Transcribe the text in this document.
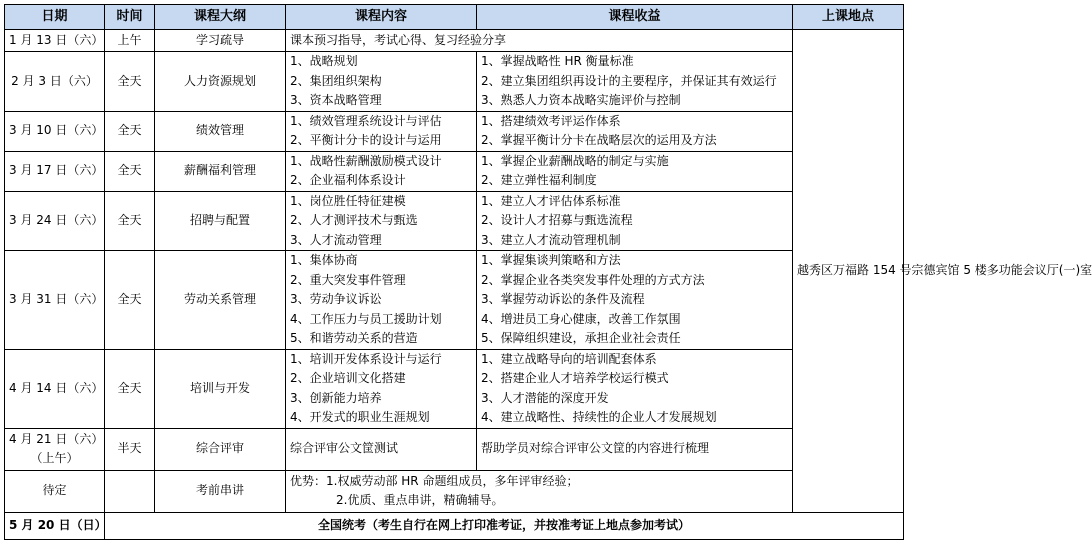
日期	时间	课程大纲	课程内容	课程收益	上课地点
1 月 13 日（六）	上午	学习疏导	课本预习指导，考试心得、复习经验分享		越秀区万福路 154 号宗德宾馆 5 楼多功能会议厅(一)室
2 月 3 日（六）	全天	人力资源规划	1、战略规划
2、集团组织架构
3、资本战略管理	1、掌握战略性 HR 衡量标准
2、建立集团组织再设计的主要程序，并保证其有效运行
3、熟悉人力资本战略实施评价与控制	

3 月 10 日（六）	全天	绩效管理	1、绩效管理系统设计与评估
2、平衡计分卡的设计与运用	1、搭建绩效考评运作体系
2、掌握平衡计分卡在战略层次的运用及方法	

3 月 17 日（六）	全天	薪酬福利管理	1、战略性薪酬激励模式设计
2、企业福利体系设计	1、掌握企业薪酬战略的制定与实施
2、建立弹性福利制度	

3 月 24 日（六）	全天	招聘与配置	1、岗位胜任特征建模
2、人才测评技术与甄选
3、人才流动管理	1、建立人才评估体系标准
2、设计人才招募与甄选流程
3、建立人才流动管理机制	

3 月 31 日（六）	全天	劳动关系管理	1、集体协商
2、重大突发事件管理
3、劳动争议诉讼
4、工作压力与员工援助计划
5、和谐劳动关系的营造	1、掌握集谈判策略和方法
2、掌握企业各类突发事件处理的方式方法
3、掌握劳动诉讼的条件及流程
4、增进员工身心健康，改善工作氛围
5、保障组织建设，承担企业社会责任	

4 月 14 日（六）	全天	培训与开发	1、培训开发体系设计与运行
2、企业培训文化搭建
3、创新能力培养
4、开发式的职业生涯规划	1、建立战略导向的培训配套体系
2、搭建企业人才培养学校运行模式
3、人才潜能的深度开发
4、建立战略性、持续性的企业人才发展规划	

4 月 21 日（六）
（上午）	半天	综合评审	综合评审公文筐测试	帮助学员对综合评审公文筐的内容进行梳理	
待定		考前串讲	优势：1.权威劳动部 HR 命题组成员，多年评审经验；
2.优质、重点串讲，精确辅导。		

5 月 20 日（日）	全国统考（考生自行在网上打印准考证，并按准考证上地点参加考试）				
